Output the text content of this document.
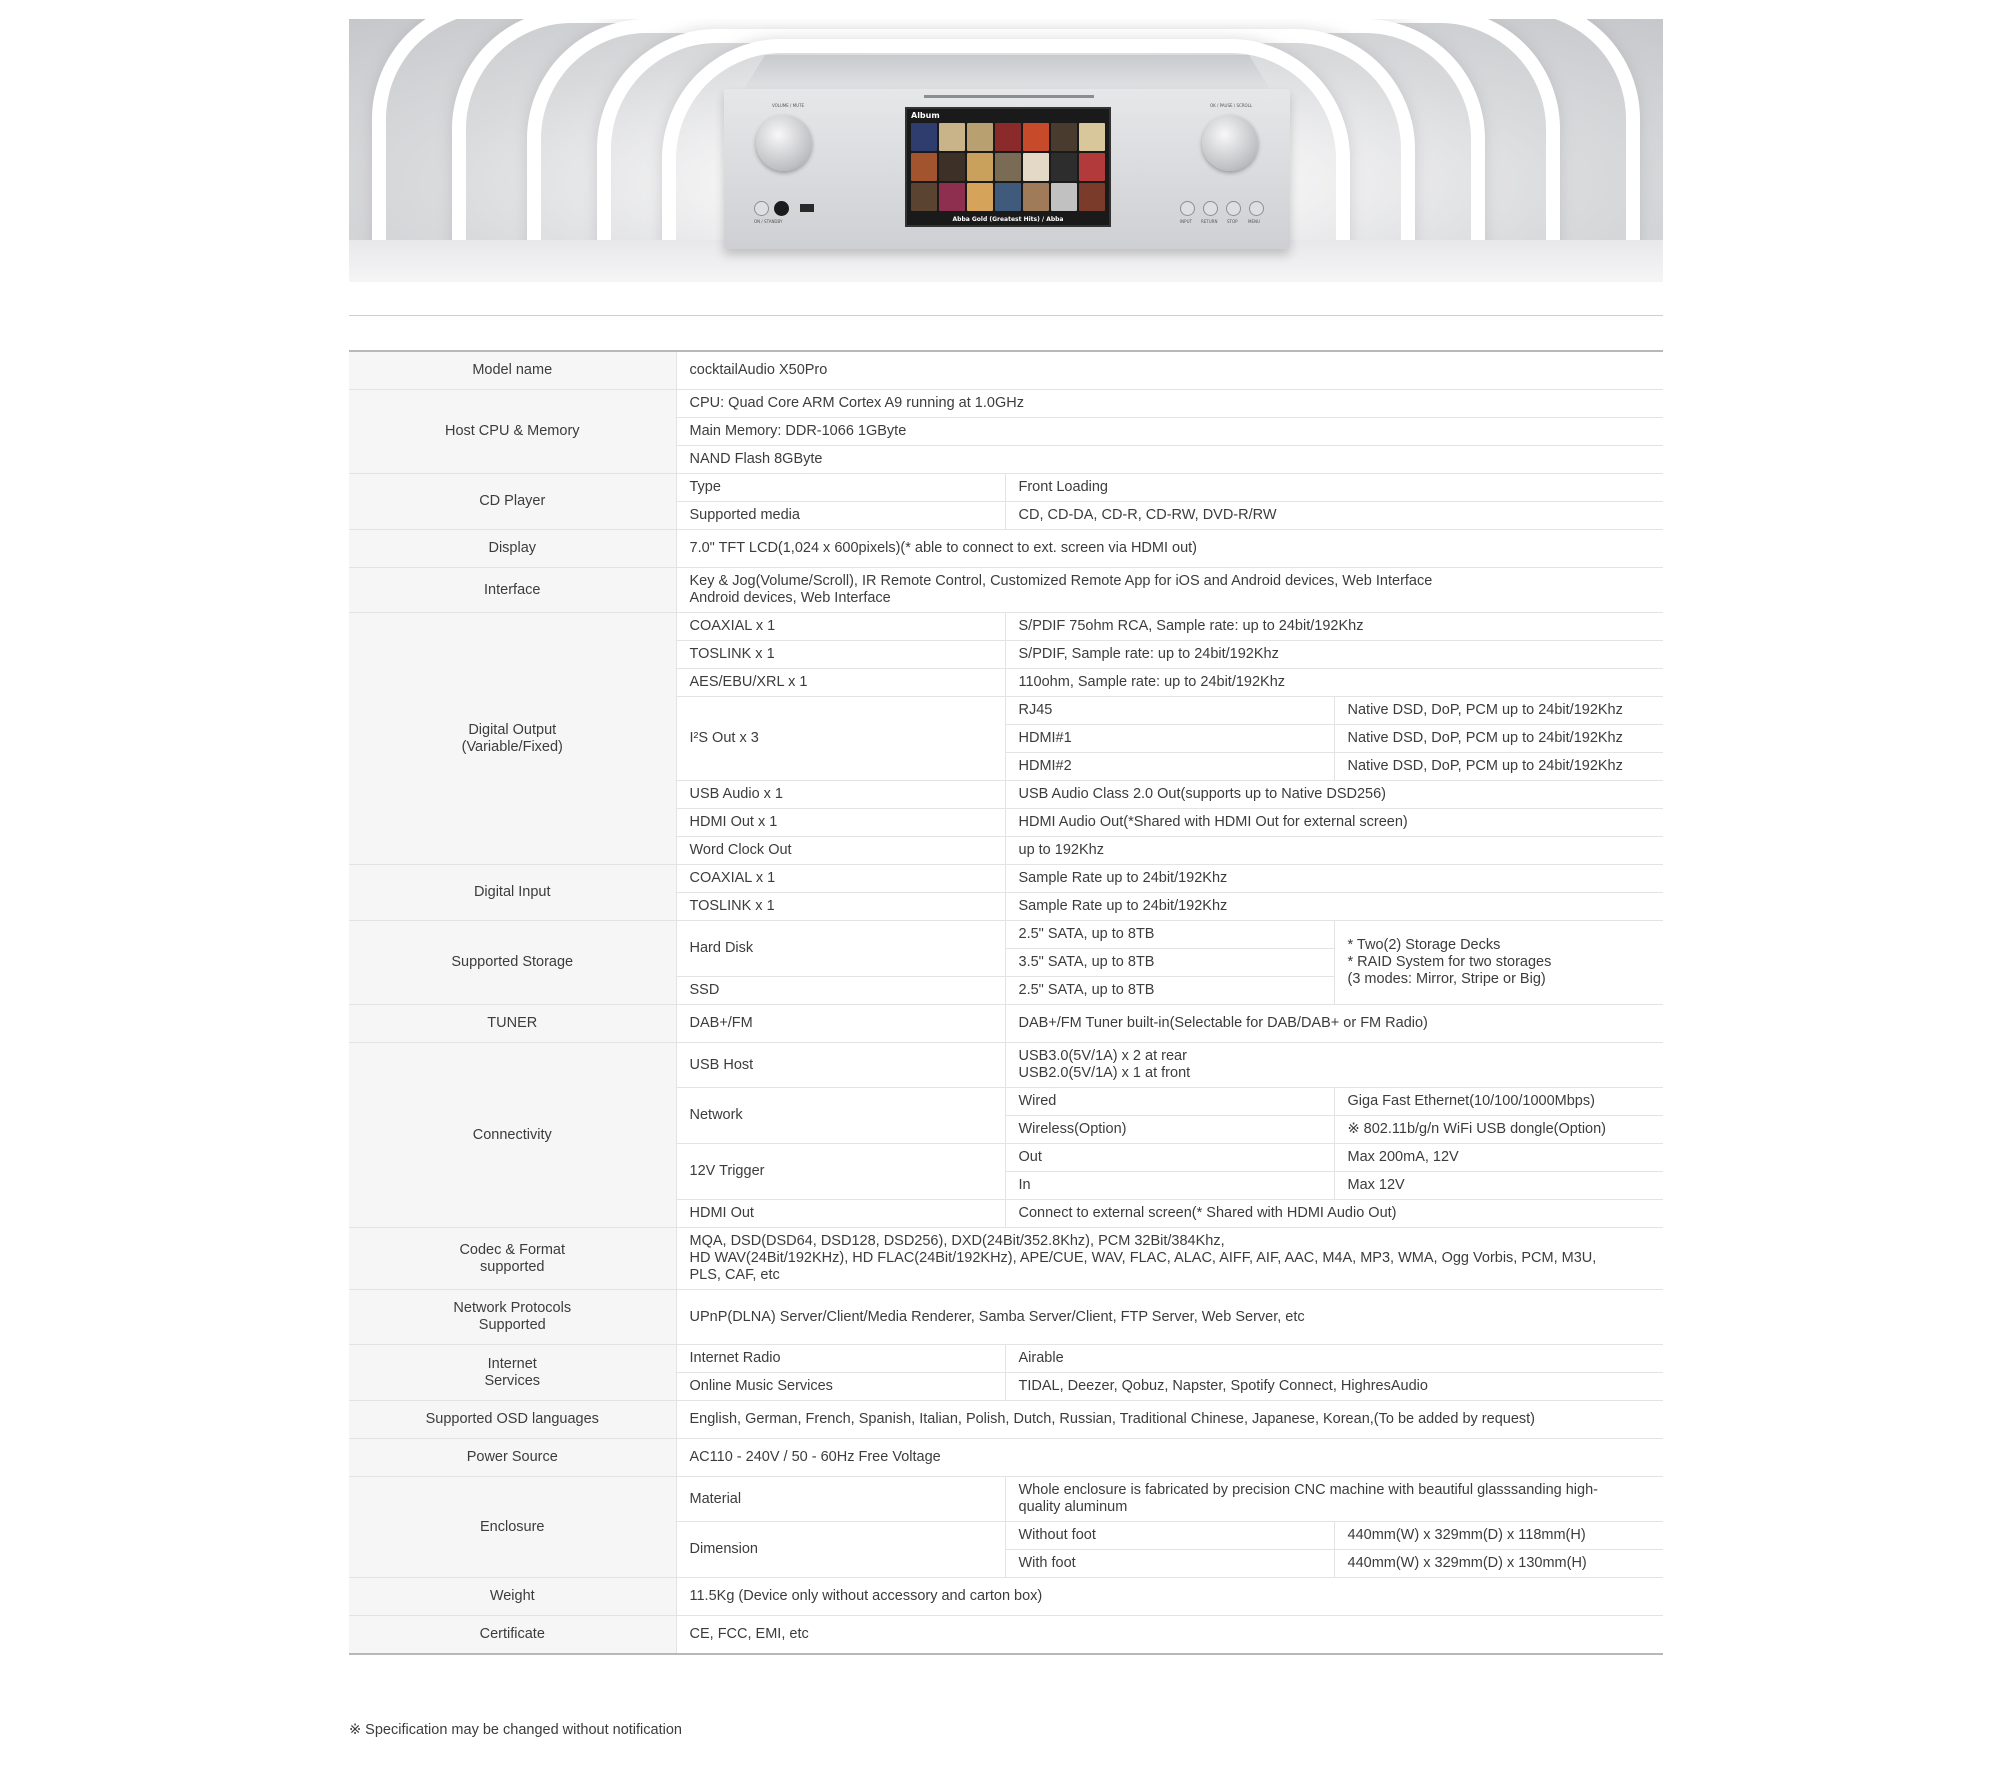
VOLUME / MUTE	OK / PAUSE / SCROLL
ON / STANDBY
Album
Abba Gold (Greatest Hits) / Abba	INPUT RETURN STOP	MENU
Model name	cocktailAudio X50Pro		
Host CPU & Memory	CPU: Quad Core ARM Cortex A9 running at 1.0GHz		
	Main Memory: DDR-1066 1GByte		
	NAND Flash 8GByte		
CD Player	Type	Front Loading	
	Supported media	CD, CD-DA, CD-R, CD-RW, DVD-R/RW	
Display	7.0" TFT LCD(1,024 x 600pixels)(* able to connect to ext. screen via HDMI out)		
Interface	Key & Jog(Volume/Scroll), IR Remote Control, Customized Remote App for iOS and Android devices, Web Interface
Android devices, Web Interface		
Digital Output
(Variable/Fixed)	COAXIAL x 1	S/PDIF 75ohm RCA, Sample rate: up to 24bit/192Khz	
	TOSLINK x 1	S/PDIF, Sample rate: up to 24bit/192Khz	
	AES/EBU/XRL x 1	110ohm, Sample rate: up to 24bit/192Khz	
	I²S Out x 3	RJ45	Native DSD, DoP, PCM up to 24bit/192Khz
		HDMI#1	Native DSD, DoP, PCM up to 24bit/192Khz
		HDMI#2	Native DSD, DoP, PCM up to 24bit/192Khz
	USB Audio x 1	USB Audio Class 2.0 Out(supports up to Native DSD256)	
	HDMI Out x 1	HDMI Audio Out(*Shared with HDMI Out for external screen)	
	Word Clock Out	up to 192Khz	
Digital Input	COAXIAL x 1	Sample Rate up to 24bit/192Khz	
	TOSLINK x 1	Sample Rate up to 24bit/192Khz	
Supported Storage	Hard Disk	2.5" SATA, up to 8TB	* Two(2) Storage Decks
* RAID System for two storages
(3 modes: Mirror, Stripe or Big)
		3.5" SATA, up to 8TB	
	SSD	2.5" SATA, up to 8TB	
TUNER	DAB+/FM	DAB+/FM Tuner built-in(Selectable for DAB/DAB+ or FM Radio)	
Connectivity	USB Host	USB3.0(5V/1A) x 2 at rear
USB2.0(5V/1A) x 1 at front	
	Network	Wired	Giga Fast Ethernet(10/100/1000Mbps)
		Wireless(Option)	※ 802.11b/g/n WiFi USB dongle(Option)
	12V Trigger	Out	Max 200mA, 12V
		In	Max 12V
	HDMI Out	Connect to external screen(* Shared with HDMI Audio Out)	
Codec & Format
supported	MQA, DSD(DSD64, DSD128, DSD256), DXD(24Bit/352.8Khz), PCM 32Bit/384Khz,
HD WAV(24Bit/192KHz), HD FLAC(24Bit/192KHz), APE/CUE, WAV, FLAC, ALAC, AIFF, AIF, AAC, M4A, MP3, WMA, Ogg Vorbis, PCM, M3U,
PLS, CAF, etc		
Network Protocols
Supported	UPnP(DLNA) Server/Client/Media Renderer, Samba Server/Client, FTP Server, Web Server, etc		
Internet
Services	Internet Radio	Airable	
	Online Music Services	TIDAL, Deezer, Qobuz, Napster, Spotify Connect, HighresAudio	
Supported OSD languages	English, German, French, Spanish, Italian, Polish, Dutch, Russian, Traditional Chinese, Japanese, Korean,(To be added by request)		
Power Source	AC110 - 240V / 50 - 60Hz Free Voltage		
Enclosure	Material	Whole enclosure is fabricated by precision CNC machine with beautiful glasssanding high-
quality aluminum	
	Dimension	Without foot	440mm(W) x 329mm(D) x 118mm(H)
		With foot	440mm(W) x 329mm(D) x 130mm(H)
Weight	11.5Kg (Device only without accessory and carton box)		
Certificate	CE, FCC, EMI, etc		
※ Specification may be changed without notification
